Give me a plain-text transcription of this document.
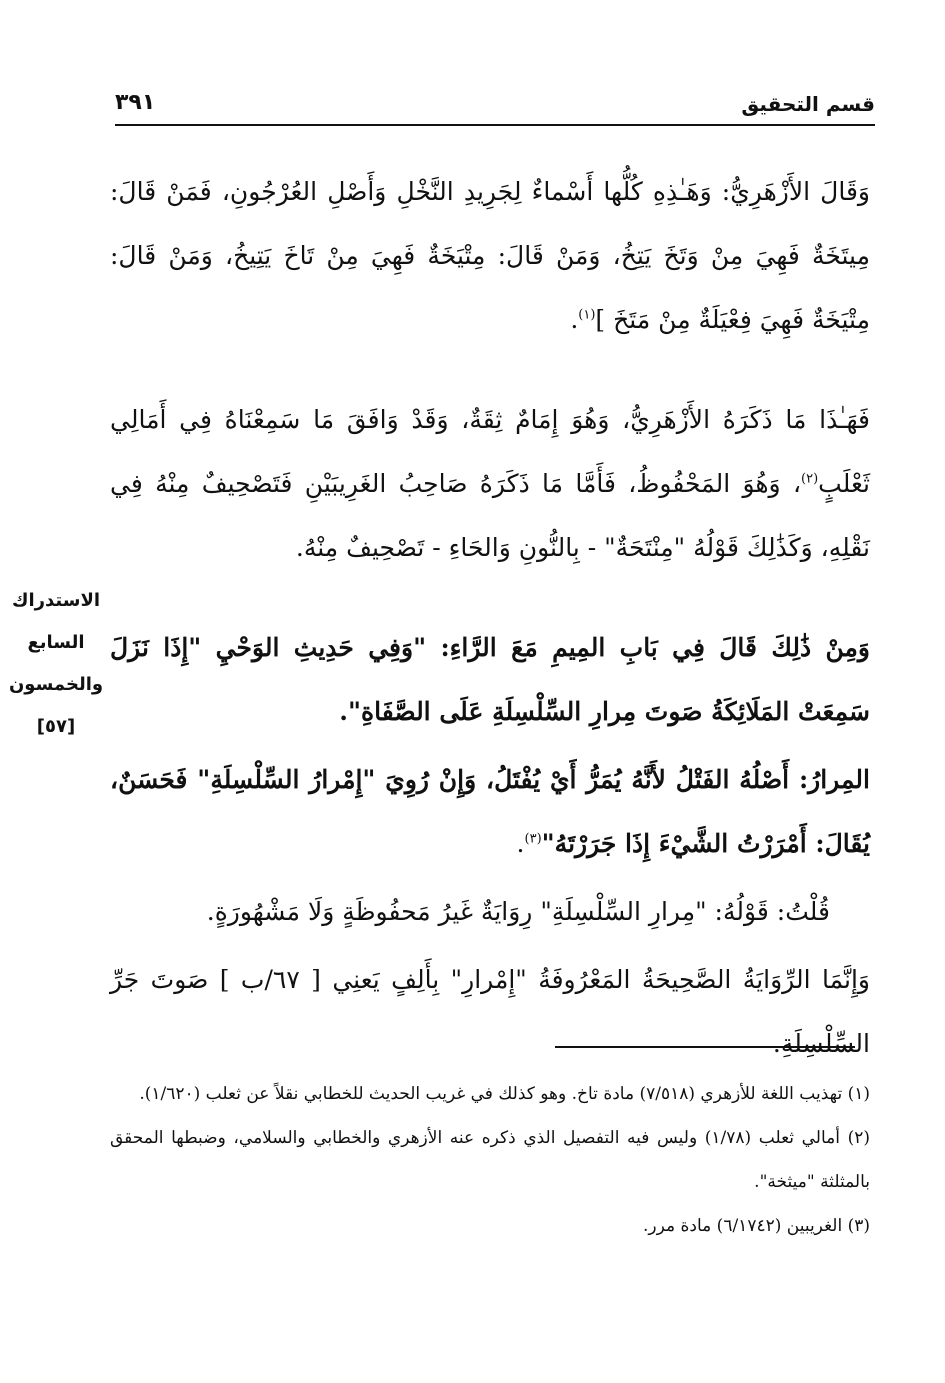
قسم التحقيق
٣٩١
الاستدراك
السابع
والخمسون
[٥٧]

وَقَالَ الأَزْهَرِيُّ: وَهَـٰذِهِ كُلُّها أَسْماءٌ لِجَرِيدِ النَّخْلِ وَأَصْلِ العُرْجُونِ، فَمَنْ قَالَ: مِيتَخَةٌ فَهِيَ مِنْ وَتَخَ يَتِخُ، وَمَنْ قَالَ: مِتْيَخَةٌ فَهِيَ مِنْ تَاخَ يَتِيخُ، وَمَنْ قَالَ: مِتْيَخَةٌ فَهِيَ فِعْيَلَةٌ مِنْ مَتَخَ ]$^{(١)}$.

فَهَـٰذَا مَا ذَكَرَهُ الأَزْهَرِيُّ، وَهُوَ إِمَامٌ ثِقَةٌ، وَقَدْ وَافَقَ مَا سَمِعْنَاهُ فِي أَمَالِي ثَعْلَبٍ$^{(٢)}$، وَهُوَ المَحْفُوظُ، فَأَمَّا مَا ذَكَرَهُ صَاحِبُ الغَرِيبَيْنِ فَتَصْحِيفٌ مِنْهُ فِي نَقْلِهِ، وَكَذَٰلِكَ قَوْلُهُ "مِنْتَحَةٌ" - بِالنُّونِ وَالحَاءِ - تَصْحِيفٌ مِنْهُ.

وَمِنْ ذَٰلِكَ قَالَ فِي بَابِ المِيمِ مَعَ الرَّاءِ: "وَفِي حَدِيثِ الوَحْيِ "إِذَا نَزَلَ سَمِعَتْ المَلَائِكَةُ صَوتَ مِرارِ السِّلْسِلَةِ عَلَى الصَّفَاةِ".

المِرارُ: أَصْلُهُ الفَتْلُ لأَنَّهُ يُمَرُّ أَيْ يُفْتَلُ، وَإِنْ رُوِيَ "إِمْرارُ السِّلْسِلَةِ" فَحَسَنٌ، يُقَالَ: أَمْرَرْتُ الشَّيْءَ إِذَا جَرَرْتَهُ"$^{(٣)}$.

قُلْتُ: قَوْلُهُ: "مِرارِ السِّلْسِلَةِ" رِوَايَةٌ غَيرُ مَحفُوظَةٍ وَلَا مَشْهُورَةٍ.

وَإِنَّمَا الرِّوَايَةُ الصَّحِيحَةُ المَعْرُوفَةُ "إِمْرارِ" بِأَلِفٍ يَعنِي [ ٦٧/ب ] صَوتَ جَرِّ السِّلْسِلَةِ.

(١) تهذيب اللغة للأزهري (٧/٥١٨) مادة تاخ. وهو كذلك في غريب الحديث للخطابي نقلاً عن ثعلب (١/٦٢٠).

(٢) أمالي ثعلب (١/٧٨) وليس فيه التفصيل الذي ذكره عنه الأزهري والخطابي والسلامي، وضبطها المحقق بالمثلثة "ميثخة".

(٣) الغريبين (٦/١٧٤٢) مادة مرر.
